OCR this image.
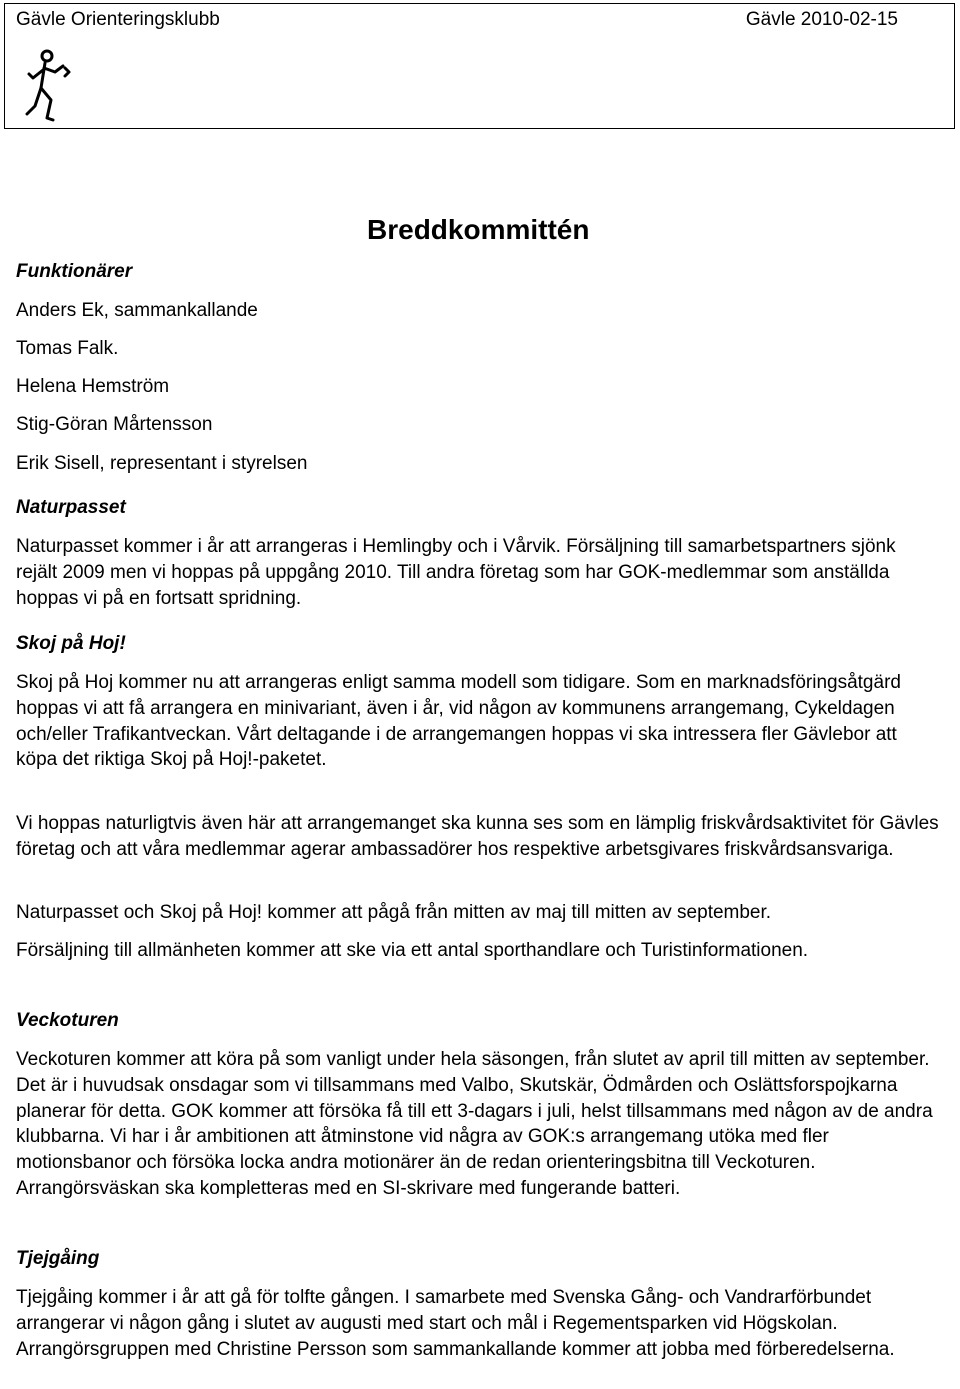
Gävle Orienteringsklubb	Gävle 2010-02-15
Breddkommittén
Funktionärer

Anders Ek, sammankallande

Tomas Falk.

Helena Hemström

Stig-Göran Mårtensson

Erik Sisell, representant i styrelsen

Naturpasset

Naturpasset kommer i år att arrangeras i Hemlingby och i Vårvik. Försäljning till samarbetspartners sjönk rejält 2009 men vi hoppas på uppgång 2010. Till andra företag som har GOK-medlemmar som anställda hoppas vi på en fortsatt spridning.

Skoj på Hoj!

Skoj på Hoj kommer nu att arrangeras enligt samma modell som tidigare. Som en marknadsföringsåtgärd hoppas vi att få arrangera en minivariant, även i år, vid någon av kommunens arrangemang, Cykeldagen och/eller Trafikantveckan. Vårt deltagande i de arrangemangen hoppas vi ska intressera fler Gävlebor att köpa det riktiga Skoj på Hoj!-paketet.

Vi hoppas naturligtvis även här att arrangemanget ska kunna ses som en lämplig friskvårdsaktivitet för Gävles företag och att våra medlemmar agerar ambassadörer hos respektive arbetsgivares friskvårdsansvariga.

Naturpasset och Skoj på Hoj! kommer att pågå från mitten av maj till mitten av september.

Försäljning till allmänheten kommer att ske via ett antal sporthandlare och Turistinformationen.

Veckoturen

Veckoturen kommer att köra på som vanligt under hela säsongen, från slutet av april till mitten av september. Det är i huvudsak onsdagar som vi tillsammans med Valbo, Skutskär, Ödmården och Oslättsforspojkarna planerar för detta. GOK kommer att försöka få till ett 3-dagars i juli, helst tillsammans med någon av de andra klubbarna. Vi har i år ambitionen att åtminstone vid några av GOK:s arrangemang utöka med fler motionsbanor och försöka locka andra motionärer än de redan orienteringsbitna till Veckoturen. Arrangörsväskan ska kompletteras med en SI-skrivare med fungerande batteri.

Tjejgåing

Tjejgåing kommer i år att gå för tolfte gången. I samarbete med Svenska Gång- och Vandrarförbundet arrangerar vi någon gång i slutet av augusti med start och mål i Regementsparken vid Högskolan. Arrangörsgruppen med Christine Persson som sammankallande kommer att jobba med förberedelserna.
